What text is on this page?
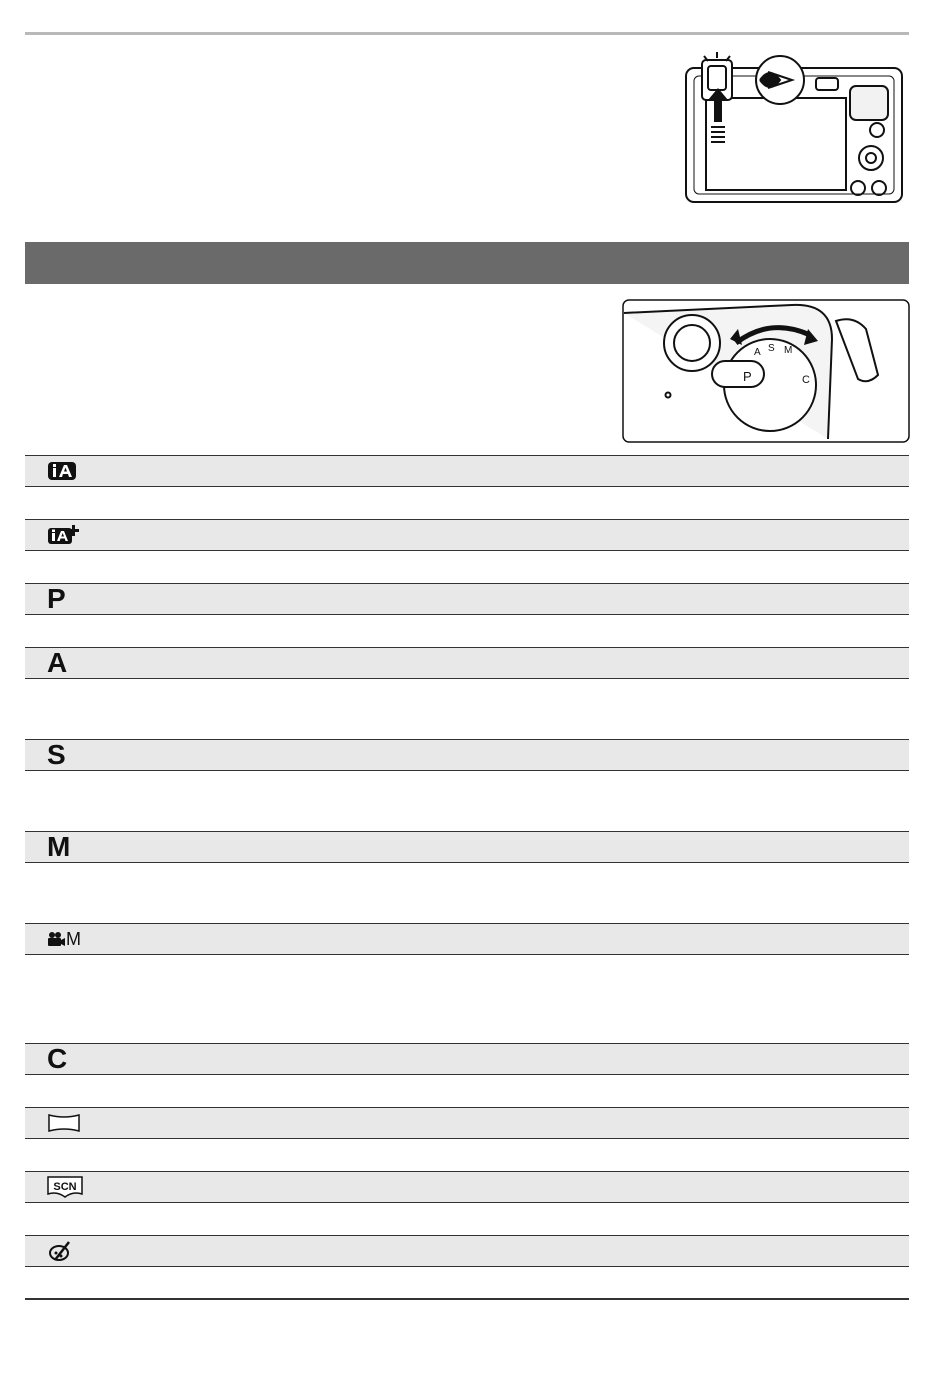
P
A S M
C
P
A
S
M
M
C
SCN
